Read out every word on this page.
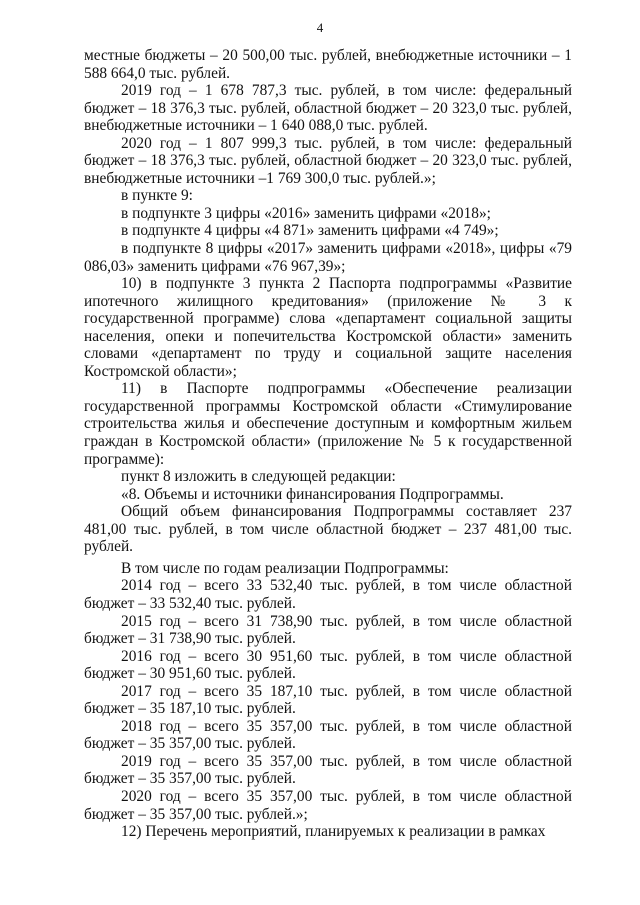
4

местные бюджеты – 20 500,00 тыс. рублей, внебюджетные источники – 1 588 664,0 тыс. рублей.

2019 год – 1 678 787,3 тыс. рублей, в том числе: федеральный бюджет – 18 376,3 тыс. рублей, областной бюджет – 20 323,0 тыс. рублей, внебюджетные источники – 1 640 088,0 тыс. рублей.

2020 год – 1 807 999,3 тыс. рублей, в том числе: федеральный бюджет – 18 376,3 тыс. рублей, областной бюджет – 20 323,0 тыс. рублей, внебюджетные источники –1 769 300,0 тыс. рублей.»;

в пункте 9:

в подпункте 3 цифры «2016» заменить цифрами «2018»;

в подпункте 4 цифры «4 871» заменить цифрами «4 749»;

в подпункте 8 цифры «2017» заменить цифрами «2018», цифры «79 086,03» заменить цифрами «76 967,39»;

10) в подпункте 3 пункта 2 Паспорта подпрограммы «Развитие ипотечного жилищного кредитования» (приложение № 3 к государственной программе) слова «департамент социальной защиты населения, опеки и попечительства Костромской области» заменить словами «департамент по труду и социальной защите населения Костромской области»;

11) в Паспорте подпрограммы «Обеспечение реализации государственной программы Костромской области «Стимулирование строительства жилья и обеспечение доступным и комфортным жильем граждан в Костромской области» (приложение № 5 к государственной программе):

пункт 8 изложить в следующей редакции:

«8. Объемы и источники финансирования Подпрограммы.

Общий объем финансирования Подпрограммы составляет 237 481,00 тыс. рублей, в том числе областной бюджет – 237 481,00 тыс. рублей.

В том числе по годам реализации Подпрограммы:

2014 год – всего 33 532,40 тыс. рублей, в том числе областной бюджет – 33 532,40 тыс. рублей.

2015 год – всего 31 738,90 тыс. рублей, в том числе областной бюджет – 31 738,90 тыс. рублей.

2016 год – всего 30 951,60 тыс. рублей, в том числе областной бюджет – 30 951,60 тыс. рублей.

2017 год – всего 35 187,10 тыс. рублей, в том числе областной бюджет – 35 187,10 тыс. рублей.

2018 год – всего 35 357,00 тыс. рублей, в том числе областной бюджет – 35 357,00 тыс. рублей.

2019 год – всего 35 357,00 тыс. рублей, в том числе областной бюджет – 35 357,00 тыс. рублей.

2020 год – всего 35 357,00 тыс. рублей, в том числе областной бюджет – 35 357,00 тыс. рублей.»;

12) Перечень мероприятий, планируемых к реализации в рамках
